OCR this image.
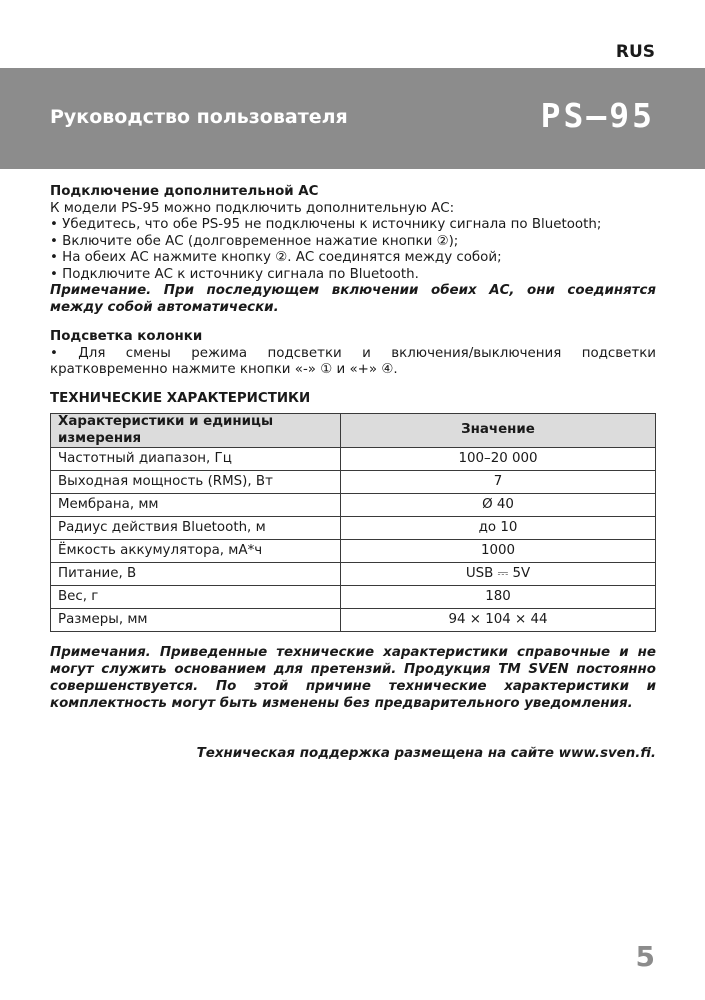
RUS
Руководство пользователя	PS–95

Подключение дополнительной АС

К модели PS-95 можно подключить дополнительную АС:

• Убедитесь, что обе PS-95 не подключены к источнику сигнала по Bluetooth;

• Включите обе АС (долговременное нажатие кнопки ②);

• На обеих АС нажмите кнопку ②. АС соединятся между собой;

• Подключите АС к источнику сигнала по Bluetooth.

Примечание. При последующем включении обеих АС, они соединятся между собой автоматически.

Подсветка колонки

• Для смены режима подсветки и включения/выключения подсветки кратковременно нажмите кнопки «-» ① и «+» ④.

ТЕХНИЧЕСКИЕ ХАРАКТЕРИСТИКИ

Характеристики и единицы измерения	Значение
Частотный диапазон, Гц	100–20 000
Выходная мощность (RMS), Вт	7
Мембрана, мм	Ø 40
Радиус действия Bluetooth, м	до 10
Ёмкость аккумулятора, мА*ч	1000
Питание, В	USB ⎓ 5V
Вес, г	180
Размеры, мм	94 × 104 × 44

Примечания. Приведенные технические характеристики справочные и не могут служить основанием для претензий. Продукция ТМ SVEN постоянно совершенствуется. По этой причине технические характеристики и комплектность могут быть изменены без предварительного уведомления.

Техническая поддержка размещена на сайте www.sven.fi.

5
